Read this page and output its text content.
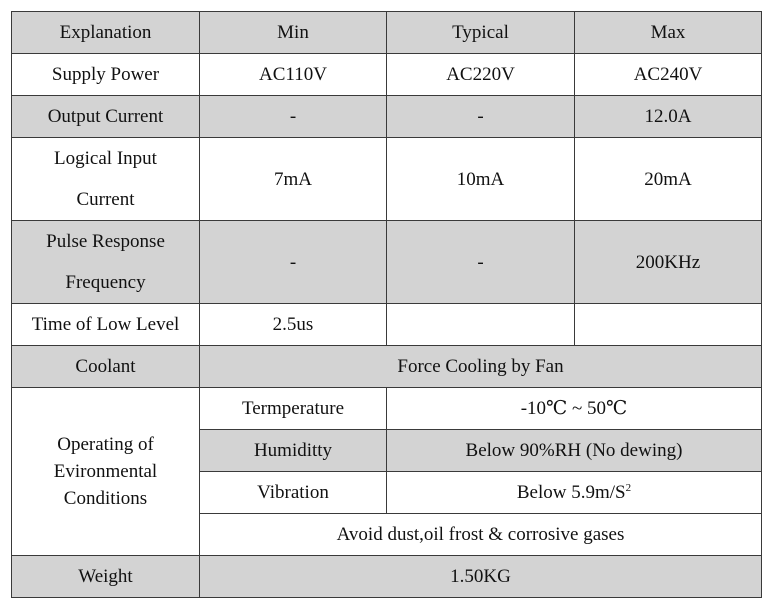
Explanation	Min	Typical	Max
Supply Power	AC110V	AC220V	AC240V
Output Current	-	-	12.0A

Logical Input
Current	7mA	10mA	20mA

Pulse Response
Frequency	-	-	200KHz
Time of Low Level	2.5us		
Coolant	Force Cooling by Fan		

Operating of
Evironmental
Conditions	Termperature	-10℃ ~ 50℃	
	Humiditty	Below 90%RH (No dewing)	
	Vibration	Below $5.9m/S^2$
	Avoid dust,oil frost & corrosive gases		
Weight	1.50KG		
